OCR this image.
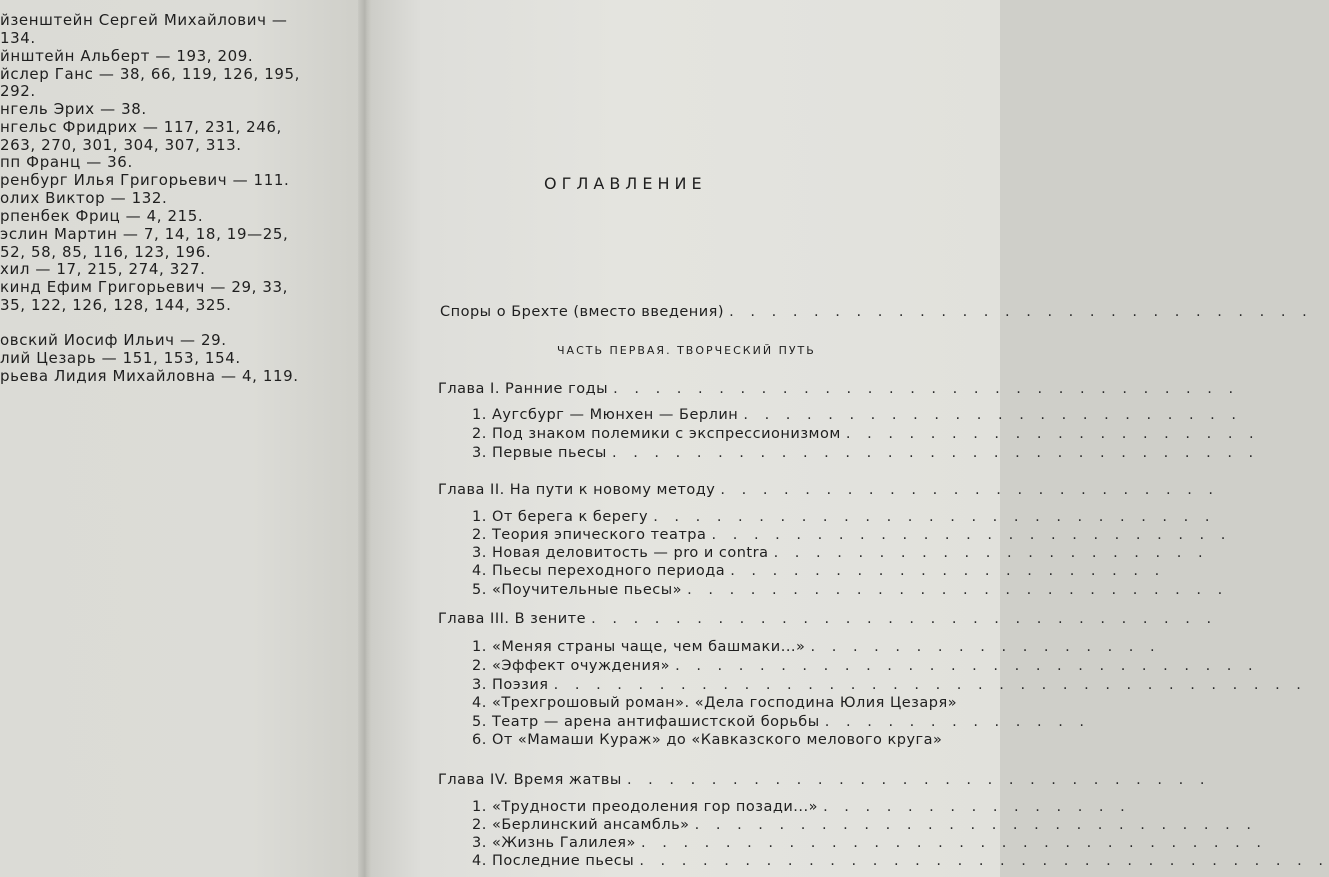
йзенштейн Сергей Михайлович —
134.
йнштейн Альберт — 193, 209.
йслер Ганс — 38, 66, 119, 126, 195,
292.
нгель Эрих — 38.
нгельс Фридрих — 117, 231, 246,
263, 270, 301, 304, 307, 313.
пп Франц — 36.
ренбург Илья Григорьевич — 111.
олих Виктор — 132.
рпенбек Фриц — 4, 215.
эслин Мартин — 7, 14, 18, 19—25,
52, 58, 85, 116, 123, 196.
хил — 17, 215, 274, 327.
кинд Ефим Григорьевич — 29, 33,
35, 122, 126, 128, 144, 325.
овский Иосиф Ильич — 29.
лий Цезарь — 151, 153, 154.
рьева Лидия Михайловна — 4, 119.
ОГЛАВЛЕНИЕ
Споры о Брехте (вместо введения) . . . . . . . . . . . . . . . . . . . . . . . . . . . .
ЧАСТЬ ПЕРВАЯ. ТВОРЧЕСКИЙ ПУТЬ
Глава I. Ранние годы . . . . . . . . . . . . . . . . . . . . . . . . . . . . . .
1. Аугсбург — Мюнхен — Берлин . . . . . . . . . . . . . . . . . . . . . . . .
2. Под знаком полемики с экспрессионизмом . . . . . . . . . . . . . . . . . . . .
3. Первые пьесы . . . . . . . . . . . . . . . . . . . . . . . . . . . . . . .
Глава II. На пути к новому методу . . . . . . . . . . . . . . . . . . . . . . . .
1. От берега к берегу . . . . . . . . . . . . . . . . . . . . . . . . . . .
2. Теория эпического театра . . . . . . . . . . . . . . . . . . . . . . . . .
3. Новая деловитость — pro и contra . . . . . . . . . . . . . . . . . . . . .
4. Пьесы переходного периода . . . . . . . . . . . . . . . . . . . . .
5. «Поучительные пьесы» . . . . . . . . . . . . . . . . . . . . . . . . . .
Глава III. В зените . . . . . . . . . . . . . . . . . . . . . . . . . . . . . .
1. «Меняя страны чаще, чем башмаки...» . . . . . . . . . . . . . . . . .
2. «Эффект очуждения» . . . . . . . . . . . . . . . . . . . . . . . . . . . .
3. Поэзия . . . . . . . . . . . . . . . . . . . . . . . . . . . . . . . . . . . .
4. «Трехгрошовый роман». «Дела господина Юлия Цезаря»
5. Театр — арена антифашистской борьбы . . . . . . . . . . . . .
6. От «Мамаши Кураж» до «Кавказского мелового круга»
Глава IV. Время жатвы . . . . . . . . . . . . . . . . . . . . . . . . . . . .
1. «Трудности преодоления гор позади...» . . . . . . . . . . . . . . .
2. «Берлинский ансамбль» . . . . . . . . . . . . . . . . . . . . . . . . . . .
3. «Жизнь Галилея» . . . . . . . . . . . . . . . . . . . . . . . . . . . . . .
4. Последние пьесы . . . . . . . . . . . . . . . . . . . . . . . . . . . . . . . . .
